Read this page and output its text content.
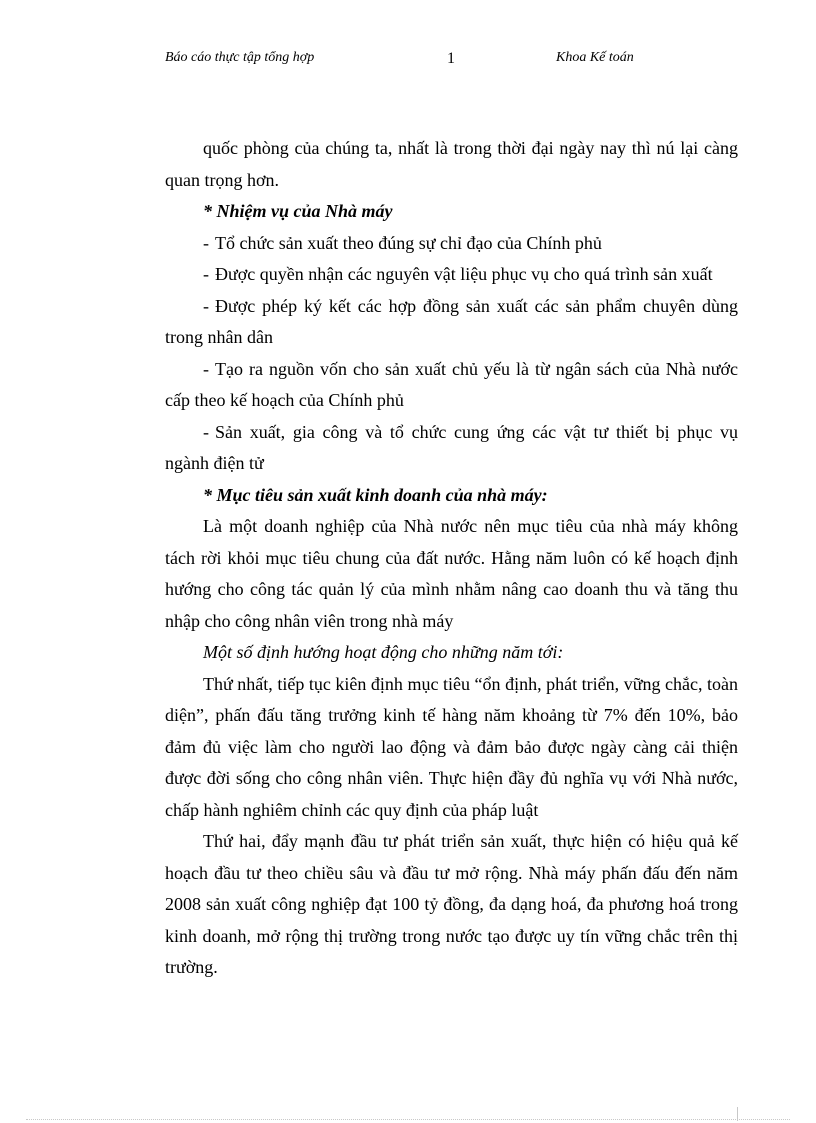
Báo cáo thực tập tổng hợp	1	Khoa Kế toán

quốc phòng của chúng ta, nhất là trong thời đại ngày nay thì nú lại càng quan trọng hơn.

* Nhiệm vụ của Nhà máy

- Tổ chức sản xuất theo đúng sự chỉ đạo của Chính phủ

- Được quyền nhận các nguyên vật liệu phục vụ cho quá trình sản xuất

- Được phép ký kết các hợp đồng sản xuất các sản phẩm chuyên dùng trong nhân dân

- Tạo ra nguồn vốn cho sản xuất chủ yếu là từ ngân sách của Nhà nước cấp theo kế hoạch của Chính phủ

- Sản xuất, gia công và tổ chức cung ứng các vật tư thiết bị phục vụ ngành điện tử

* Mục tiêu sản xuất kinh doanh của nhà máy:

Là một doanh nghiệp của Nhà nước nên mục tiêu của nhà máy không tách rời khỏi mục tiêu chung của đất nước. Hằng năm luôn có kế hoạch định hướng cho công tác quản lý của mình nhằm nâng cao doanh thu và tăng thu nhập cho công nhân viên trong nhà máy

Một số định hướng hoạt động cho những năm tới:

Thứ nhất, tiếp tục kiên định mục tiêu “ổn định, phát triển, vững chắc, toàn diện”, phấn đấu tăng trưởng kinh tế hàng năm khoảng từ 7% đến 10%, bảo đảm đủ việc làm cho người lao động và đảm bảo được ngày càng cải thiện được đời sống cho công nhân viên. Thực hiện đầy đủ nghĩa vụ với Nhà nước, chấp hành nghiêm chỉnh các quy định của pháp luật

Thứ hai, đẩy mạnh đầu tư phát triển sản xuất, thực hiện có hiệu quả kế hoạch đầu tư theo chiều sâu và đầu tư mở rộng. Nhà máy phấn đấu đến năm 2008 sản xuất công nghiệp đạt 100 tỷ đồng, đa dạng hoá, đa phương hoá trong kinh doanh, mở rộng thị trường trong nước tạo được uy tín vững chắc trên thị trường.
